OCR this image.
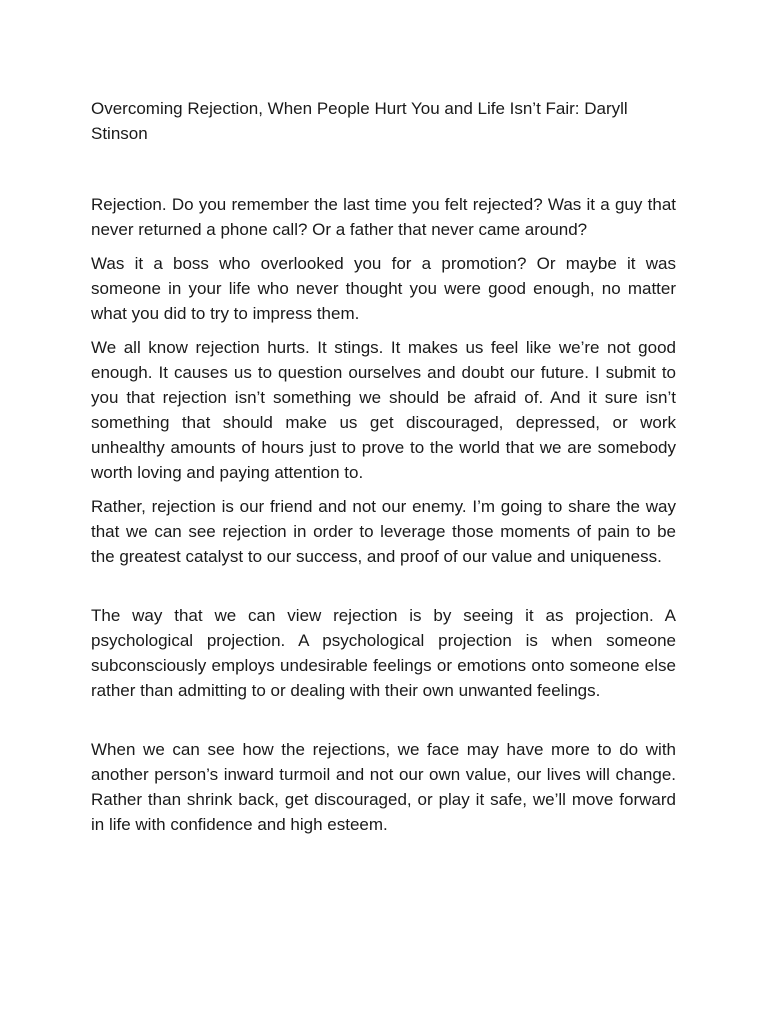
Overcoming Rejection, When People Hurt You and Life Isn’t Fair: Daryll Stinson

Rejection. Do you remember the last time you felt rejected? Was it a guy that never returned a phone call? Or a father that never came around?

Was it a boss who overlooked you for a promotion? Or maybe it was someone in your life who never thought you were good enough, no matter what you did to try to impress them.

We all know rejection hurts. It stings. It makes us feel like we’re not good enough. It causes us to question ourselves and doubt our future. I submit to you that rejection isn’t something we should be afraid of. And it sure isn’t something that should make us get discouraged, depressed, or work unhealthy amounts of hours just to prove to the world that we are somebody worth loving and paying attention to.

Rather, rejection is our friend and not our enemy. I’m going to share the way that we can see rejection in order to leverage those moments of pain to be the greatest catalyst to our success, and proof of our value and uniqueness.

The way that we can view rejection is by seeing it as projection. A psychological projection. A psychological projection is when someone subconsciously employs undesirable feelings or emotions onto someone else rather than admitting to or dealing with their own unwanted feelings.

When we can see how the rejections, we face may have more to do with another person’s inward turmoil and not our own value, our lives will change. Rather than shrink back, get discouraged, or play it safe, we’ll move forward in life with confidence and high esteem.
